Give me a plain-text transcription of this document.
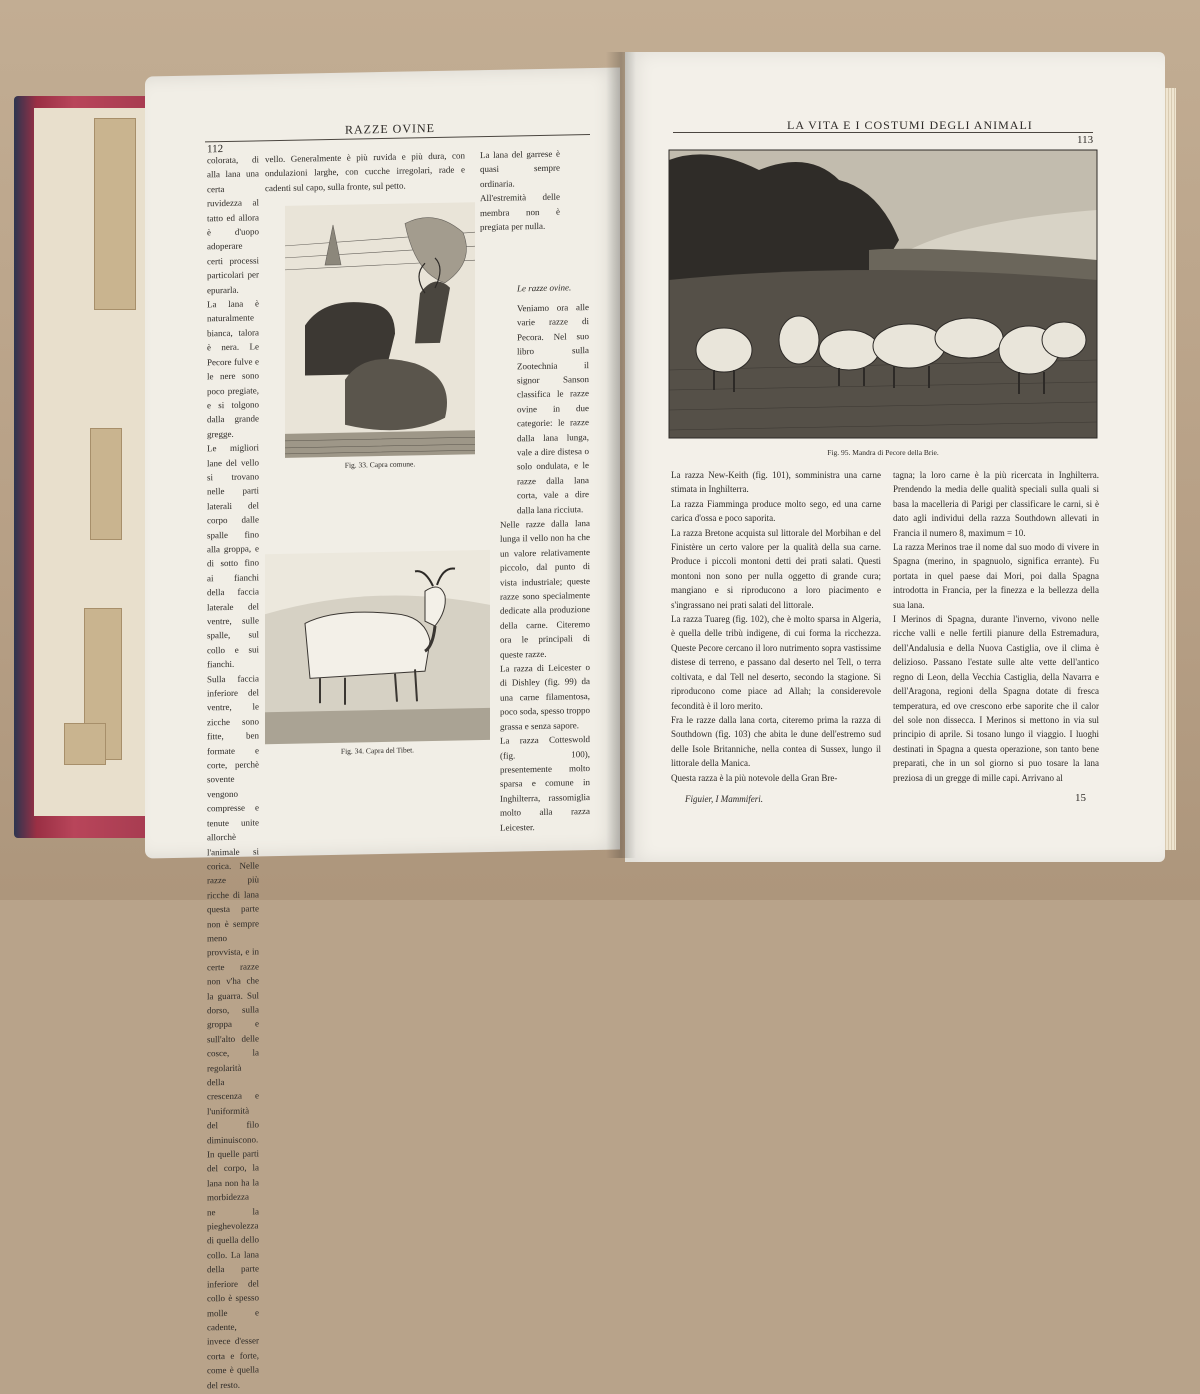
112
RAZZE OVINE

colorata, di alla lana una certa ruvidezza al tatto ed allora è d'uopo adoperare certi processi particolari per epurarla.

La lana è naturalmente bianca, talora è nera. Le Pecore fulve e le nere sono poco pregiate, e si tolgono dalla grande gregge.

Le migliori lane del vello si trovano nelle parti laterali del corpo dalle spalle fino alla groppa, e di sotto fino ai fianchi della faccia laterale del ventre, sulle spalle, sul collo e sui fianchi.

Sulla faccia inferiore del ventre, le zicche sono fitte, ben formate e corte, perchè sovente vengono compresse e tenute unite allorchè l'animale si corica. Nelle razze più ricche di lana questa parte non è sempre meno provvista, e in certe razze non v'ha che la guarra. Sul dorso, sulla groppa e sull'alto delle cosce, la regolarità della crescenza e l'uniformità del filo diminuiscono. In quelle parti del corpo, la lana non ha la morbidezza ne la pieghevolezza di quella dello collo. La lana della parte inferiore del collo è spesso molle e cadente, invece d'esser corta e forte, come è quella del resto.

vello. Generalmente è più ruvida e più dura, con ondulazioni larghe, con cucche irregolari, rade e cadenti sul capo, sulla fronte, sul petto.
Fig. 33. Capra comune.

La lana del garrese è quasi sempre ordinaria. All'estremità delle membra non è pregiata per nulla.

Le razze ovine.

Veniamo ora alle varie razze di Pecora. Nel suo libro sulla Zootechnia il signor Sanson classifica le razze ovine in due categorie: le razze dalla lana lunga, vale a dire distesa o solo ondulata, e le razze dalla lana corta, vale a dire dalla lana ricciuta.

Fig. 34. Capra del Tibet.

Nelle razze dalla lana lunga il vello non ha che un valore relativamente piccolo, dal punto di vista industriale; queste razze sono specialmente dedicate alla produzione della carne. Citeremo ora le principali di queste razze.

La razza di Leicester o di Dishley (fig. 99) da una carne filamentosa, poco soda, spesso troppo grassa e senza sapore.

La razza Cotteswold (fig. 100), presentemente molto sparsa e comune in Inghilterra, rassomiglia molto alla razza Leicester.

LA VITA E I COSTUMI DEGLI ANIMALI
113
Fig. 95. Mandra di Pecore della Brie.

La razza New-Keith (fig. 101), somministra una carne stimata in Inghilterra.

La razza Fiamminga produce molto sego, ed una carne carica d'ossa e poco saporita.

La razza Bretone acquista sul littorale del Morbihan e del Finistère un certo valore per la qualità della sua carne. Produce i piccoli montoni detti dei prati salati. Questi montoni non sono per nulla oggetto di grande cura; mangiano e si riproducono a loro piacimento e s'ingrassano nei prati salati del littorale.

La razza Tuareg (fig. 102), che è molto sparsa in Algeria, è quella delle tribù indigene, di cui forma la ricchezza. Queste Pecore cercano il loro nutrimento sopra vastissime distese di terreno, e passano dal deserto nel Tell, o terra coltivata, e dal Tell nel deserto, secondo la stagione. Si riproducono come piace ad Allah; la considerevole fecondità è il loro merito.

Fra le razze dalla lana corta, citeremo prima la razza di Southdown (fig. 103) che abita le dune dell'estremo sud delle Isole Britanniche, nella contea di Sussex, lungo il littorale della Manica.

Questa razza è la più notevole della Gran Bre-

tagna; la loro carne è la più ricercata in Inghilterra. Prendendo la media delle qualità speciali sulla quali si basa la macelleria di Parigi per classificare le carni, si è dato agli individui della razza Southdown allevati in Francia il numero 8, maximum = 10.

La razza Merinos trae il nome dal suo modo di vivere in Spagna (merino, in spagnuolo, significa errante). Fu portata in quel paese dai Mori, poi dalla Spagna introdotta in Francia, per la finezza e la bellezza della sua lana.

I Merinos di Spagna, durante l'inverno, vivono nelle ricche valli e nelle fertili pianure della Estremadura, dell'Andalusia e della Nuova Castiglia, ove il clima è delizioso. Passano l'estate sulle alte vette dell'antico regno di Leon, della Vecchia Castiglia, della Navarra e dell'Aragona, regioni della Spagna dotate di fresca temperatura, ed ove crescono erbe saporite che il calor del sole non dissecca. I Merinos si mettono in via sul principio di aprile. Si tosano lungo il viaggio. I luoghi destinati in Spagna a questa operazione, son tanto bene preparati, che in un sol giorno si puo tosare la lana preziosa di un gregge di mille capi. Arrivano al

Figuier, I Mammiferi.	15
